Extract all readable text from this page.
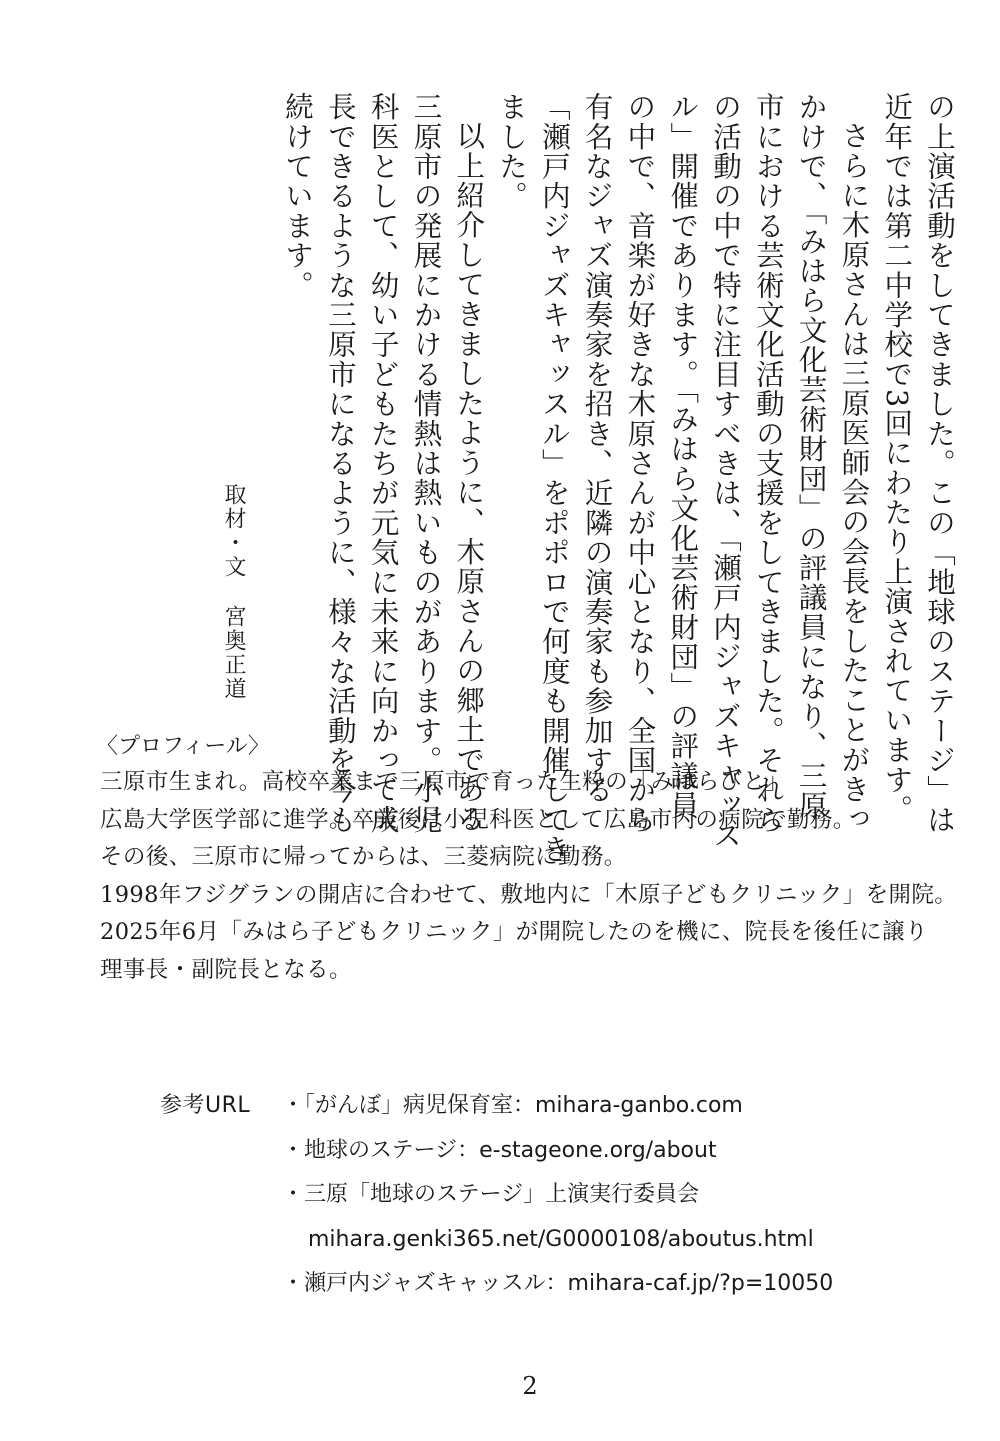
の上演活動をしてきました。この「地球のステージ」は
近年では第二中学校で3回にわたり上演されています。
さらに木原さんは三原医師会の会長をしたことがきっ
かけで、「みはら文化芸術財団」の評議員になり、三原
市における芸術文化活動の支援をしてきました。それら
の活動の中で特に注目すべきは、「瀬戸内ジャズキャッス
ル」開催であります。「みはら文化芸術財団」の評議員
の中で、音楽が好きな木原さんが中心となり、全国から
有名なジャズ演奏家を招き、近隣の演奏家も参加する
「瀬戸内ジャズキャッスル」をポポロで何度も開催してき
ました。
以上紹介してきましたように、木原さんの郷土である
三原市の発展にかける情熱は熱いものがあります。小児
科医として、幼い子どもたちが元気に未来に向かって成
長できるような三原市になるように、様々な活動を今も
続けています。
取材・文
宮奥正道
〈プロフィール〉
三原市生まれ。高校卒業まで三原市で育った生粋の「みはらびと」
広島大学医学部に進学。卒業後は小児科医として広島市内の病院で勤務。
その後、三原市に帰ってからは、三菱病院に勤務。
1998年フジグランの開店に合わせて、敷地内に「木原子どもクリニック」を開院。
2025年6月「みはら子どもクリニック」が開院したのを機に、院長を後任に譲り
理事長・副院長となる。
参考URL ・「がんぼ」病児保育室：mihara-ganbo.com
・地球のステージ：e-stageone.org/about
・三原「地球のステージ」上演実行委員会
mihara.genki365.net/G0000108/aboutus.html
・瀬戸内ジャズキャッスル：mihara-caf.jp/?p=10050
2
